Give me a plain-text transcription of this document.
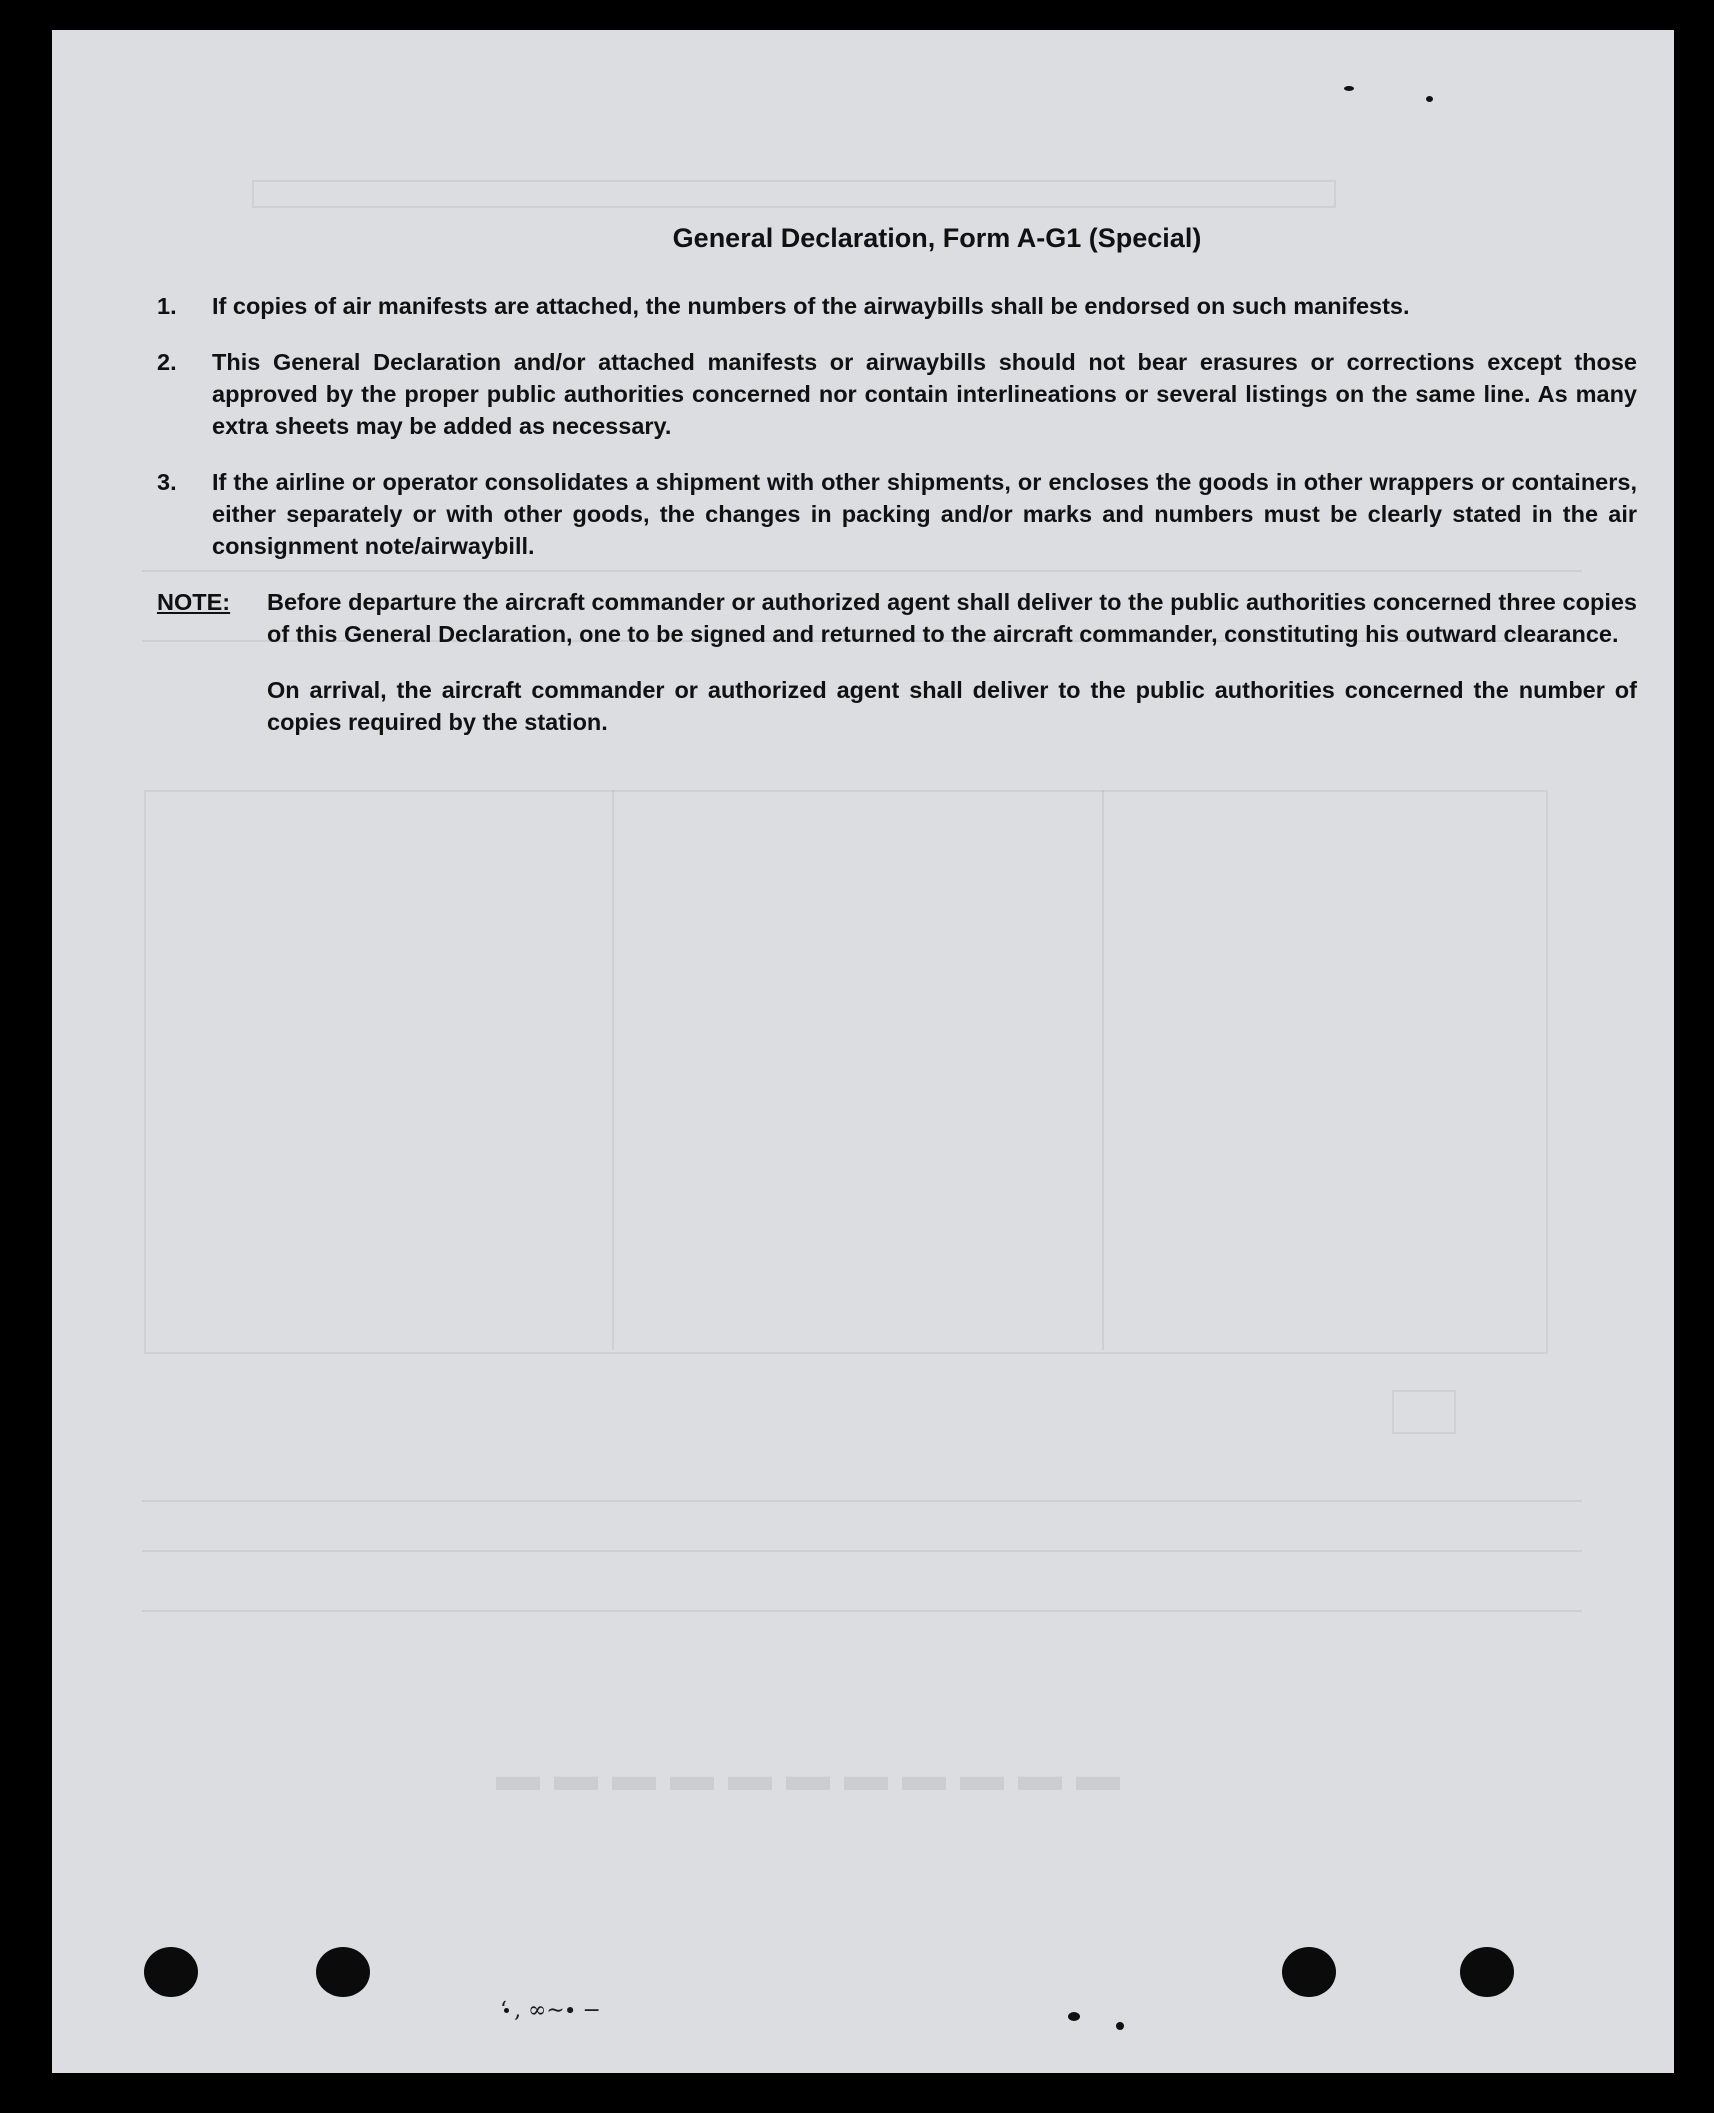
▬▬▬▬▬▬▬▬▬▬▬
General Declaration, Form A-G1 (Special)
1. If copies of air manifests are attached, the numbers of the airwaybills shall be endorsed on such manifests.
2. This General Declaration and/or attached manifests or airwaybills should not bear erasures or corrections except those approved by the proper public authorities concerned nor contain interlineations or several listings on the same line. As many extra sheets may be added as necessary.
3. If the airline or operator consolidates a shipment with other shipments, or encloses the goods in other wrappers or containers, either separately or with other goods, the changes in packing and/or marks and numbers must be clearly stated in the air consignment note/airwaybill.
NOTE: Before departure the aircraft commander or authorized agent shall deliver to the public authorities concerned three copies of this General Declaration, one to be signed and returned to the aircraft commander, constituting his outward clearance.
On arrival, the aircraft commander or authorized agent shall deliver to the public authorities concerned the number of copies required by the station.
‘ ‚ ∞∼∙ −
